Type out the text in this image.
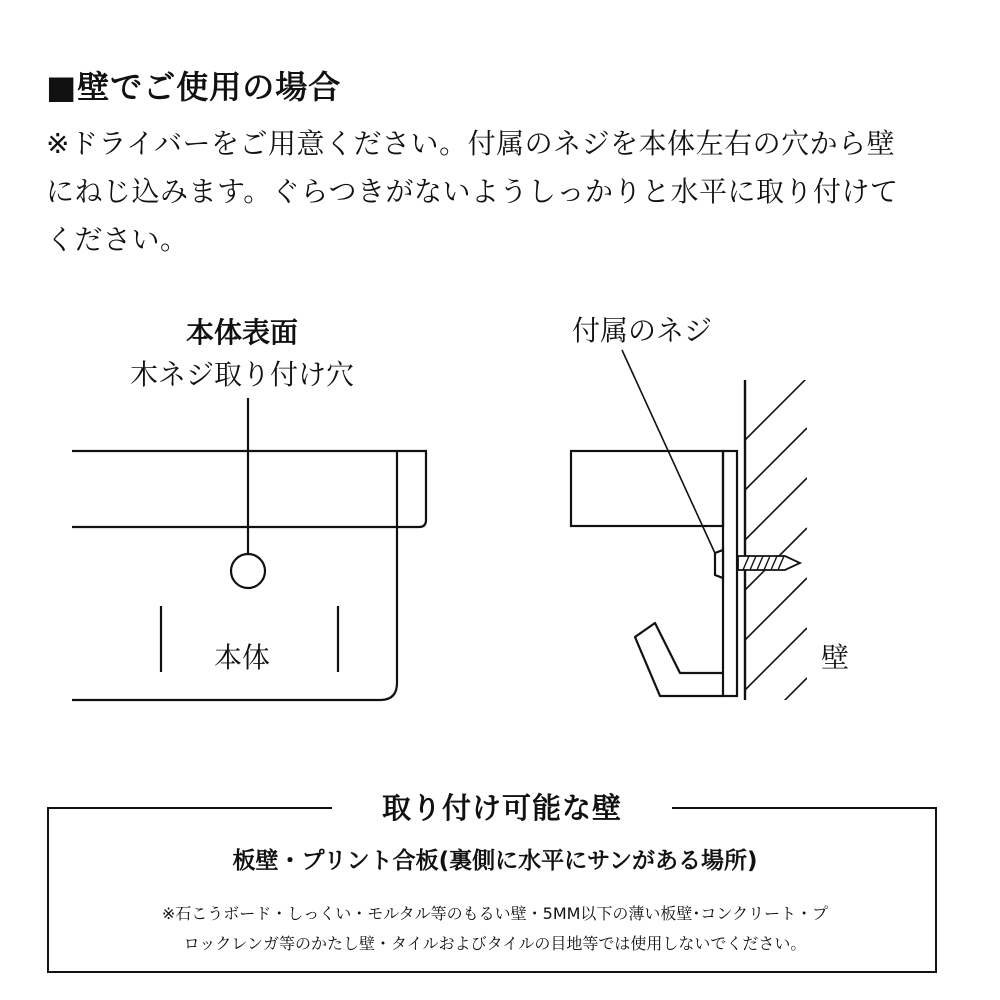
■壁でご使用の場合
※ドライバーをご用意ください。付属のネジを本体左右の穴から壁
にねじ込みます。ぐらつきがないようしっかりと水平に取り付けて
ください。
本体表面
木ネジ取り付け穴
本体
付属のネジ
壁
取り付け可能な壁
板壁・プリント合板(裏側に水平にサンがある場所)
※石こうボード・しっくい・モルタル等のもるい壁・5MM以下の薄い板壁･コンクリート・プ
ロックレンガ等のかたし壁・タイルおよびタイルの目地等では使用しないでください。
